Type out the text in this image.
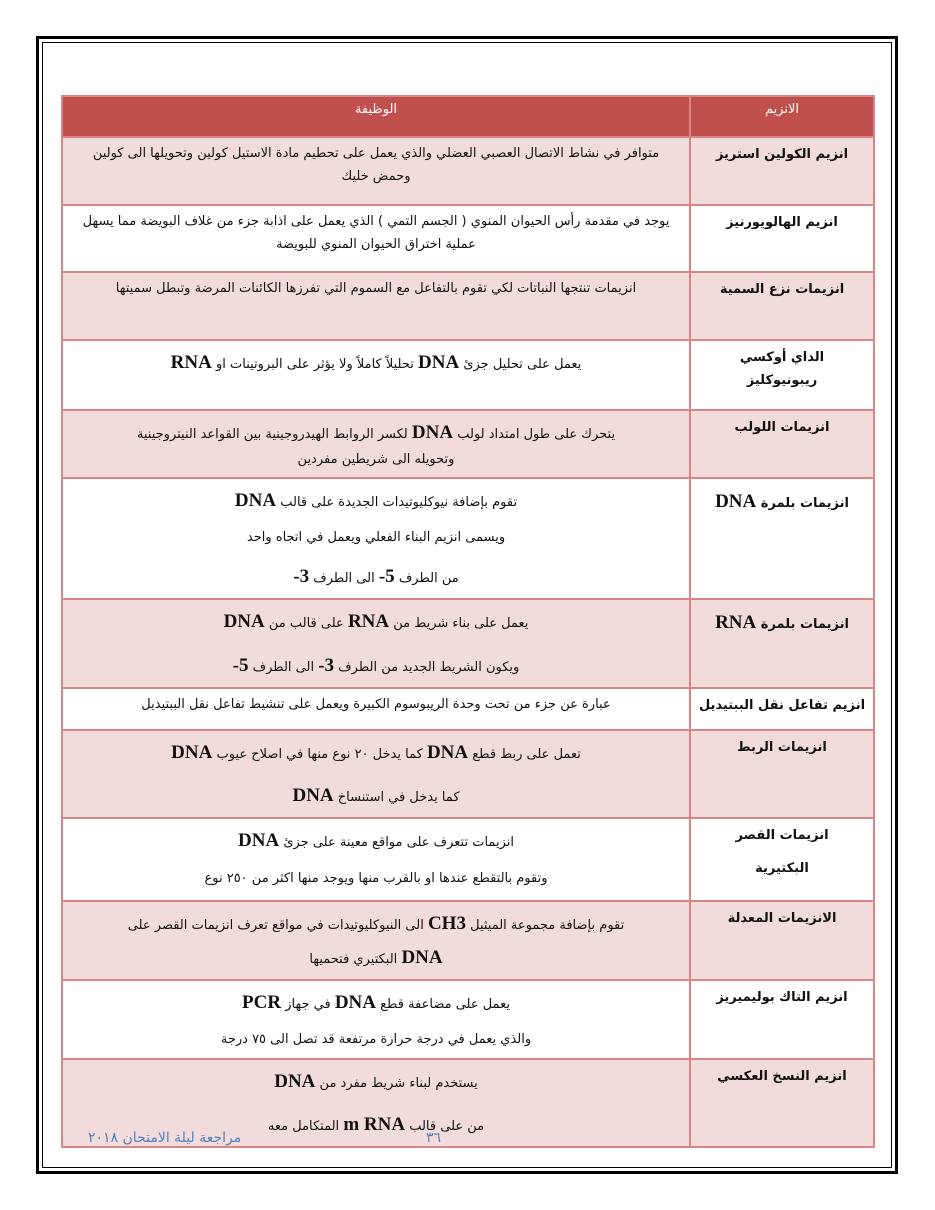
الانزيم	الوظيفة
انزيم الكولين استريز	متوافر في نشاط الاتصال العصبي العضلي والذي يعمل على تحطيم مادة الاستيل كولين وتحويلها الى كولين وحمض خليك
انزيم الهالويورنيز	يوجد في مقدمة رأس الحيوان المنوي ( الجسم التمي ) الذي يعمل على اذابة جزء من غلاف البويضة مما يسهل عملية اختراق الحيوان المنوي للبويضة
انزيمات نزع السمية	انزيمات تنتجها النباتات لكي تقوم بالتفاعل مع السموم التي تفرزها الكائنات المرضة وتبطل سميتها

الداي أوكسي
ريبونيوكليز	يعمل على تحليل جزئ DNA تحليلاً كاملاً ولا يؤثر على البروتينات او RNA
انزيمات اللولب	يتحرك على طول امتداد لولب DNA لكسر الروابط الهيدروجينية بين القواعد النيتروجينية
وتحويله الى شريطين مفردين

انزيمات بلمرة DNA	تقوم بإضافة نيوكليوتيدات الجديدة على قالب DNA
ويسمى انزيم البناء الفعلي ويعمل في اتجاه واحد
من الطرف 5- الى الطرف 3-

انزيمات بلمرة RNA	يعمل على بناء شريط من RNA على قالب من DNA
ويكون الشريط الجديد من الطرف 3- الى الطرف 5-

انزيم تفاعل نقل الببتيديل	عبارة عن جزء من تحت وحدة الريبوسوم الكبيرة ويعمل على تنشيط تفاعل نقل الببتيديل
انزيمات الربط	تعمل على ربط قطع DNA كما يدخل ٢٠ نوع منها في اصلاح عيوب DNA
كما يدخل في استنساخ DNA

انزيمات القصر
البكتيرية	انزيمات تتعرف على مواقع معينة على جزئ DNA
وتقوم بالتقطع عندها او بالقرب منها ويوجد منها اكثر من ٢٥٠ نوع

الانزيمات المعدلة	تقوم بإضافة مجموعة الميثيل CH3 الى النيوكليوتيدات في مواقع تعرف انزيمات القصر على
DNA البكتيري فتحميها

انزيم التاك بوليميريز	يعمل على مضاعفة قطع DNA في جهاز PCR
والذي يعمل في درجة حرارة مرتفعة قد تصل الى ٧٥ درجة

انزيم النسخ العكسي	يستخدم لبناء شريط مفرد من DNA
من على قالب m RNA المتكامل معه
مراجعة ليلة الامتحان ٢٠١٨	٣٦
